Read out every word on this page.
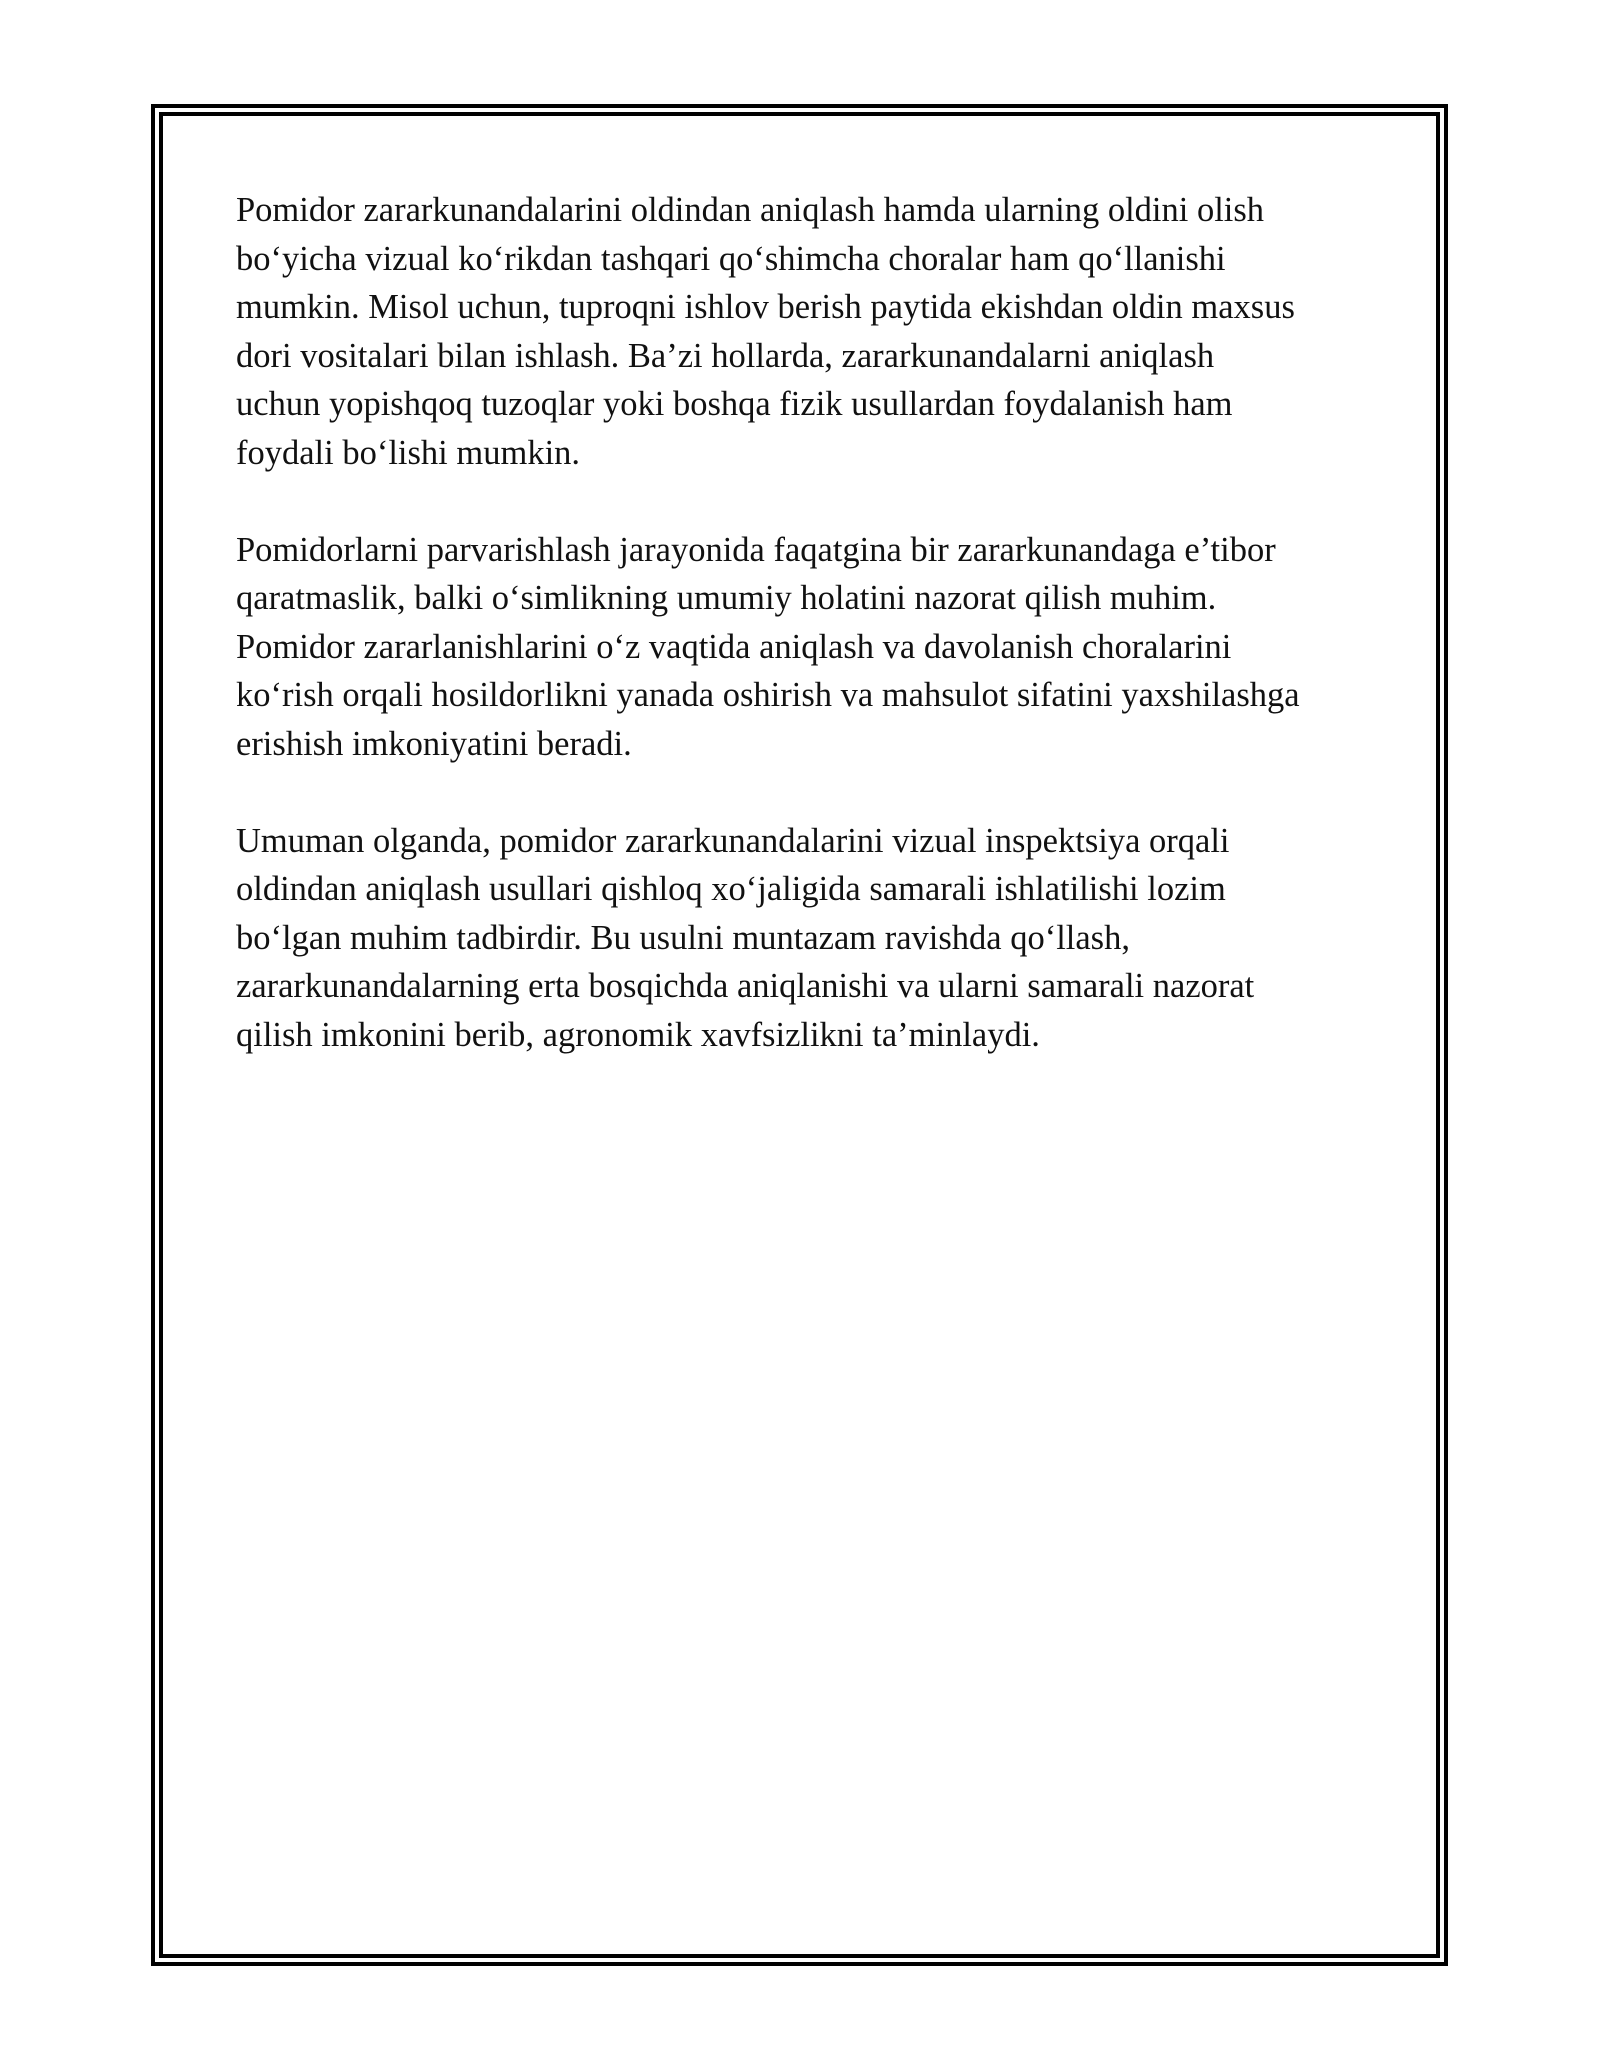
Pomidor zararkunandalarini oldindan aniqlash hamda ularning oldini olish
bo‘yicha vizual ko‘rikdan tashqari qo‘shimcha choralar ham qo‘llanishi
mumkin. Misol uchun, tuproqni ishlov berish paytida ekishdan oldin maxsus
dori vositalari bilan ishlash. Ba’zi hollarda, zararkunandalarni aniqlash
uchun yopishqoq tuzoqlar yoki boshqa fizik usullardan foydalanish ham
foydali bo‘lishi mumkin.

Pomidorlarni parvarishlash jarayonida faqatgina bir zararkunandaga e’tibor
qaratmaslik, balki o‘simlikning umumiy holatini nazorat qilish muhim.
Pomidor zararlanishlarini o‘z vaqtida aniqlash va davolanish choralarini
ko‘rish orqali hosildorlikni yanada oshirish va mahsulot sifatini yaxshilashga
erishish imkoniyatini beradi.

Umuman olganda, pomidor zararkunandalarini vizual inspektsiya orqali
oldindan aniqlash usullari qishloq xo‘jaligida samarali ishlatilishi lozim
bo‘lgan muhim tadbirdir. Bu usulni muntazam ravishda qo‘llash,
zararkunandalarning erta bosqichda aniqlanishi va ularni samarali nazorat
qilish imkonini berib, agronomik xavfsizlikni ta’minlaydi.
